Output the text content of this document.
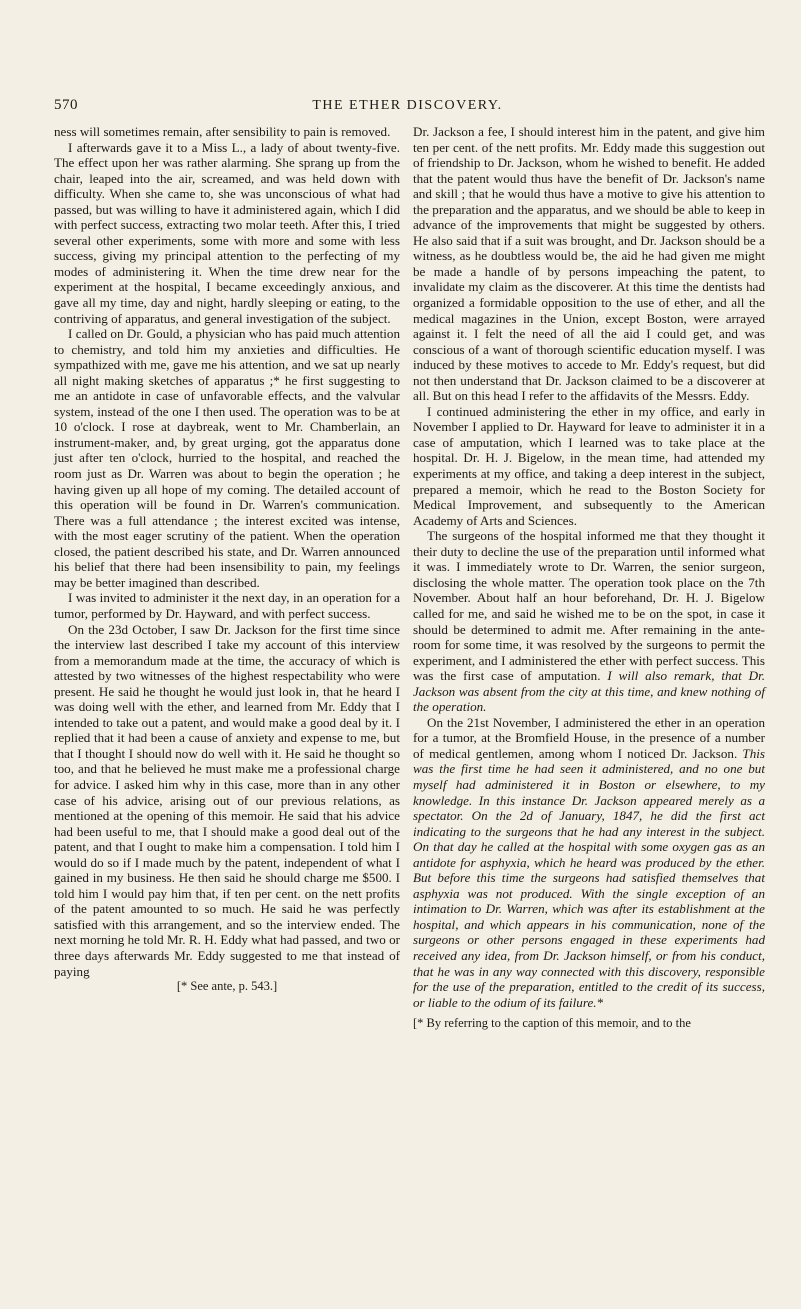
570	THE ETHER DISCOVERY.

ness will sometimes remain, after sensibility to pain is removed.

I afterwards gave it to a Miss L., a lady of about twenty-five. The effect upon her was rather alarming. She sprang up from the chair, leaped into the air, screamed, and was held down with difficulty. When she came to, she was unconscious of what had passed, but was willing to have it administered again, which I did with perfect success, extracting two molar teeth. After this, I tried several other experiments, some with more and some with less success, giving my principal attention to the perfecting of my modes of administering it. When the time drew near for the experiment at the hospital, I became exceedingly anxious, and gave all my time, day and night, hardly sleeping or eating, to the contriving of apparatus, and general investigation of the subject.

I called on Dr. Gould, a physician who has paid much attention to chemistry, and told him my anxieties and difficulties. He sympathized with me, gave me his attention, and we sat up nearly all night making sketches of apparatus ;* he first suggesting to me an antidote in case of unfavorable effects, and the valvular system, instead of the one I then used. The operation was to be at 10 o'clock. I rose at daybreak, went to Mr. Chamberlain, an instrument-maker, and, by great urging, got the apparatus done just after ten o'clock, hurried to the hospital, and reached the room just as Dr. Warren was about to begin the operation ; he having given up all hope of my coming. The detailed account of this operation will be found in Dr. Warren's communication. There was a full attendance ; the interest excited was intense, with the most eager scrutiny of the patient. When the operation closed, the patient described his state, and Dr. Warren announced his belief that there had been insensibility to pain, my feelings may be better imagined than described.

I was invited to administer it the next day, in an operation for a tumor, performed by Dr. Hayward, and with perfect success.

On the 23d October, I saw Dr. Jackson for the first time since the interview last described I take my account of this interview from a memorandum made at the time, the accuracy of which is attested by two witnesses of the highest respectability who were present. He said he thought he would just look in, that he heard I was doing well with the ether, and learned from Mr. Eddy that I intended to take out a patent, and would make a good deal by it. I replied that it had been a cause of anxiety and expense to me, but that I thought I should now do well with it. He said he thought so too, and that he believed he must make me a professional charge for advice. I asked him why in this case, more than in any other case of his advice, arising out of our previous relations, as mentioned at the opening of this memoir. He said that his advice had been useful to me, that I should make a good deal out of the patent, and that I ought to make him a compensation. I told him I would do so if I made much by the patent, independent of what I gained in my business. He then said he should charge me $500. I told him I would pay him that, if ten per cent. on the nett profits of the patent amounted to so much. He said he was perfectly satisfied with this arrangement, and so the interview ended. The next morning he told Mr. R. H. Eddy what had passed, and two or three days afterwards Mr. Eddy suggested to me that instead of paying

[* See ante, p. 543.]

Dr. Jackson a fee, I should interest him in the patent, and give him ten per cent. of the nett profits. Mr. Eddy made this suggestion out of friendship to Dr. Jackson, whom he wished to benefit. He added that the patent would thus have the benefit of Dr. Jackson's name and skill ; that he would thus have a motive to give his attention to the preparation and the apparatus, and we should be able to keep in advance of the improvements that might be suggested by others. He also said that if a suit was brought, and Dr. Jackson should be a witness, as he doubtless would be, the aid he had given me might be made a handle of by persons impeaching the patent, to invalidate my claim as the discoverer. At this time the dentists had organized a formidable opposition to the use of ether, and all the medical magazines in the Union, except Boston, were arrayed against it. I felt the need of all the aid I could get, and was conscious of a want of thorough scientific education myself. I was induced by these motives to accede to Mr. Eddy's request, but did not then understand that Dr. Jackson claimed to be a discoverer at all. But on this head I refer to the affidavits of the Messrs. Eddy.

I continued administering the ether in my office, and early in November I applied to Dr. Hayward for leave to administer it in a case of amputation, which I learned was to take place at the hospital. Dr. H. J. Bigelow, in the mean time, had attended my experiments at my office, and taking a deep interest in the subject, prepared a memoir, which he read to the Boston Society for Medical Improvement, and subsequently to the American Academy of Arts and Sciences.

The surgeons of the hospital informed me that they thought it their duty to decline the use of the preparation until informed what it was. I immediately wrote to Dr. Warren, the senior surgeon, disclosing the whole matter. The operation took place on the 7th November. About half an hour beforehand, Dr. H. J. Bigelow called for me, and said he wished me to be on the spot, in case it should be determined to admit me. After remaining in the ante-room for some time, it was resolved by the surgeons to permit the experiment, and I administered the ether with perfect success. This was the first case of amputation. I will also remark, that Dr. Jackson was absent from the city at this time, and knew nothing of the operation.

On the 21st November, I administered the ether in an operation for a tumor, at the Bromfield House, in the presence of a number of medical gentlemen, among whom I noticed Dr. Jackson. This was the first time he had seen it administered, and no one but myself had administered it in Boston or elsewhere, to my knowledge. In this instance Dr. Jackson appeared merely as a spectator. On the 2d of January, 1847, he did the first act indicating to the surgeons that he had any interest in the subject. On that day he called at the hospital with some oxygen gas as an antidote for asphyxia, which he heard was produced by the ether. But before this time the surgeons had satisfied themselves that asphyxia was not produced. With the single exception of an intimation to Dr. Warren, which was after its establishment at the hospital, and which appears in his communication, none of the surgeons or other persons engaged in these experiments had received any idea, from Dr. Jackson himself, or from his conduct, that he was in any way connected with this discovery, responsible for the use of the preparation, entitled to the credit of its success, or liable to the odium of its failure.*

[* By referring to the caption of this memoir, and to the
